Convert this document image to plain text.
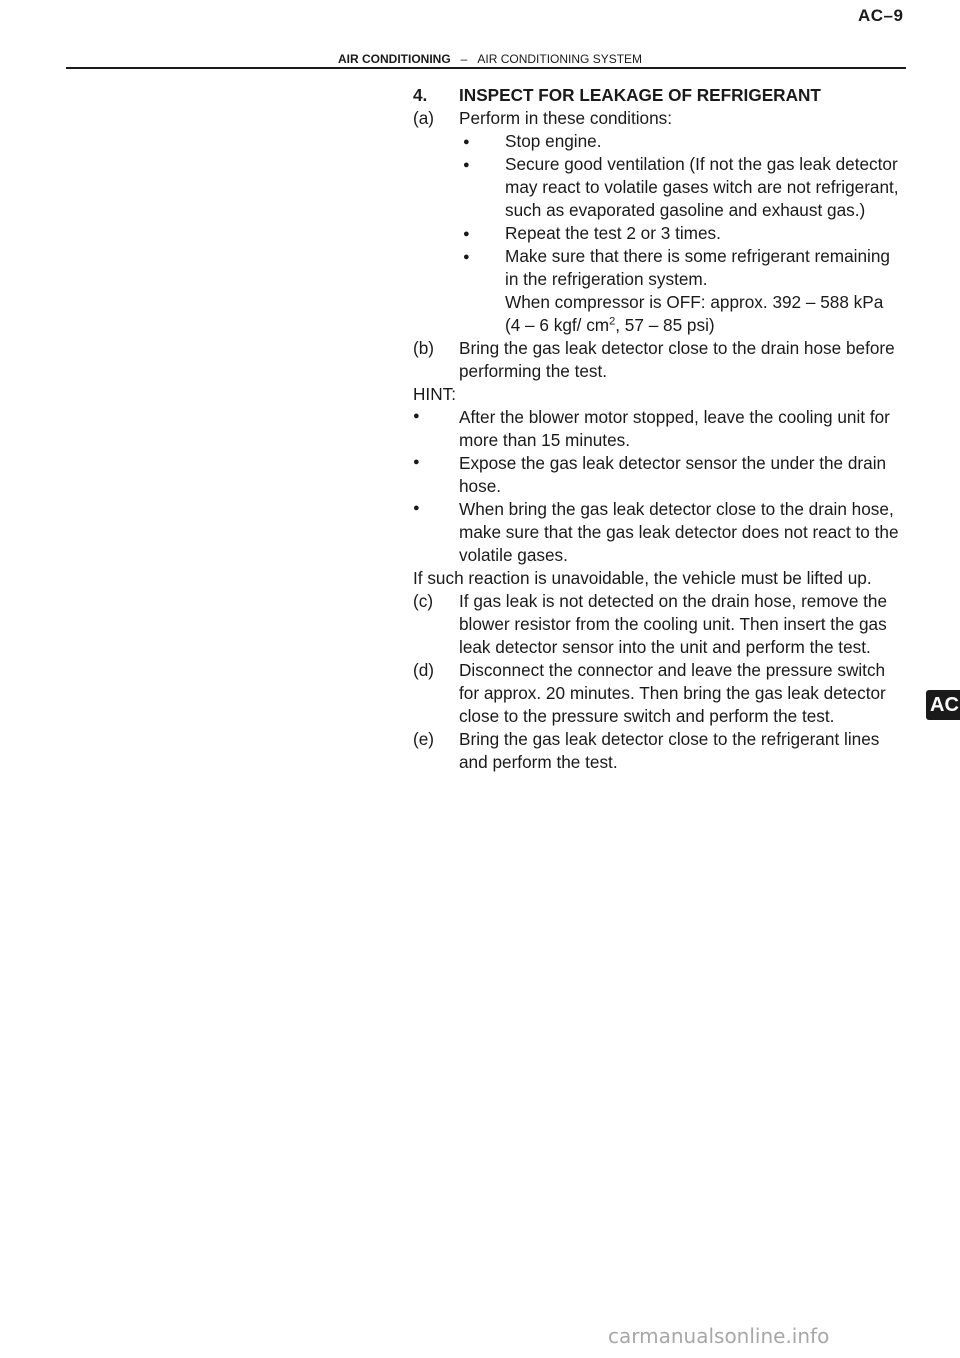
AC–9
AIR CONDITIONING – AIR CONDITIONING SYSTEM
4. INSPECT FOR LEAKAGE OF REFRIGERANT
(a) Perform in these conditions:
●	Stop engine.
●	Secure good ventilation (If not the gas leak detector
may react to volatile gases witch are not refrigerant,
such as evaporated gasoline and exhaust gas.)
●	Repeat the test 2 or 3 times.
●	Make sure that there is some refrigerant remaining
in the refrigeration system.
When compressor is OFF: approx. 392 – 588 kPa
(4 – 6 kgf/ $cm^2$, 57 – 85 psi)
(b) Bring the gas leak detector close to the drain hose before
performing the test.
HINT:
●	After the blower motor stopped, leave the cooling unit for
more than 15 minutes.
●	Expose the gas leak detector sensor the under the drain
hose.
●	When bring the gas leak detector close to the drain hose,
make sure that the gas leak detector does not react to the
volatile gases.
If such reaction is unavoidable, the vehicle must be lifted up.
(c) If gas leak is not detected on the drain hose, remove the
blower resistor from the cooling unit. Then insert the gas
leak detector sensor into the unit and perform the test.
(d) Disconnect the connector and leave the pressure switch
for approx. 20 minutes. Then bring the gas leak detector
close to the pressure switch and perform the test.
(e) Bring the gas leak detector close to the refrigerant lines
and perform the test.
AC
carmanualsonline.info
